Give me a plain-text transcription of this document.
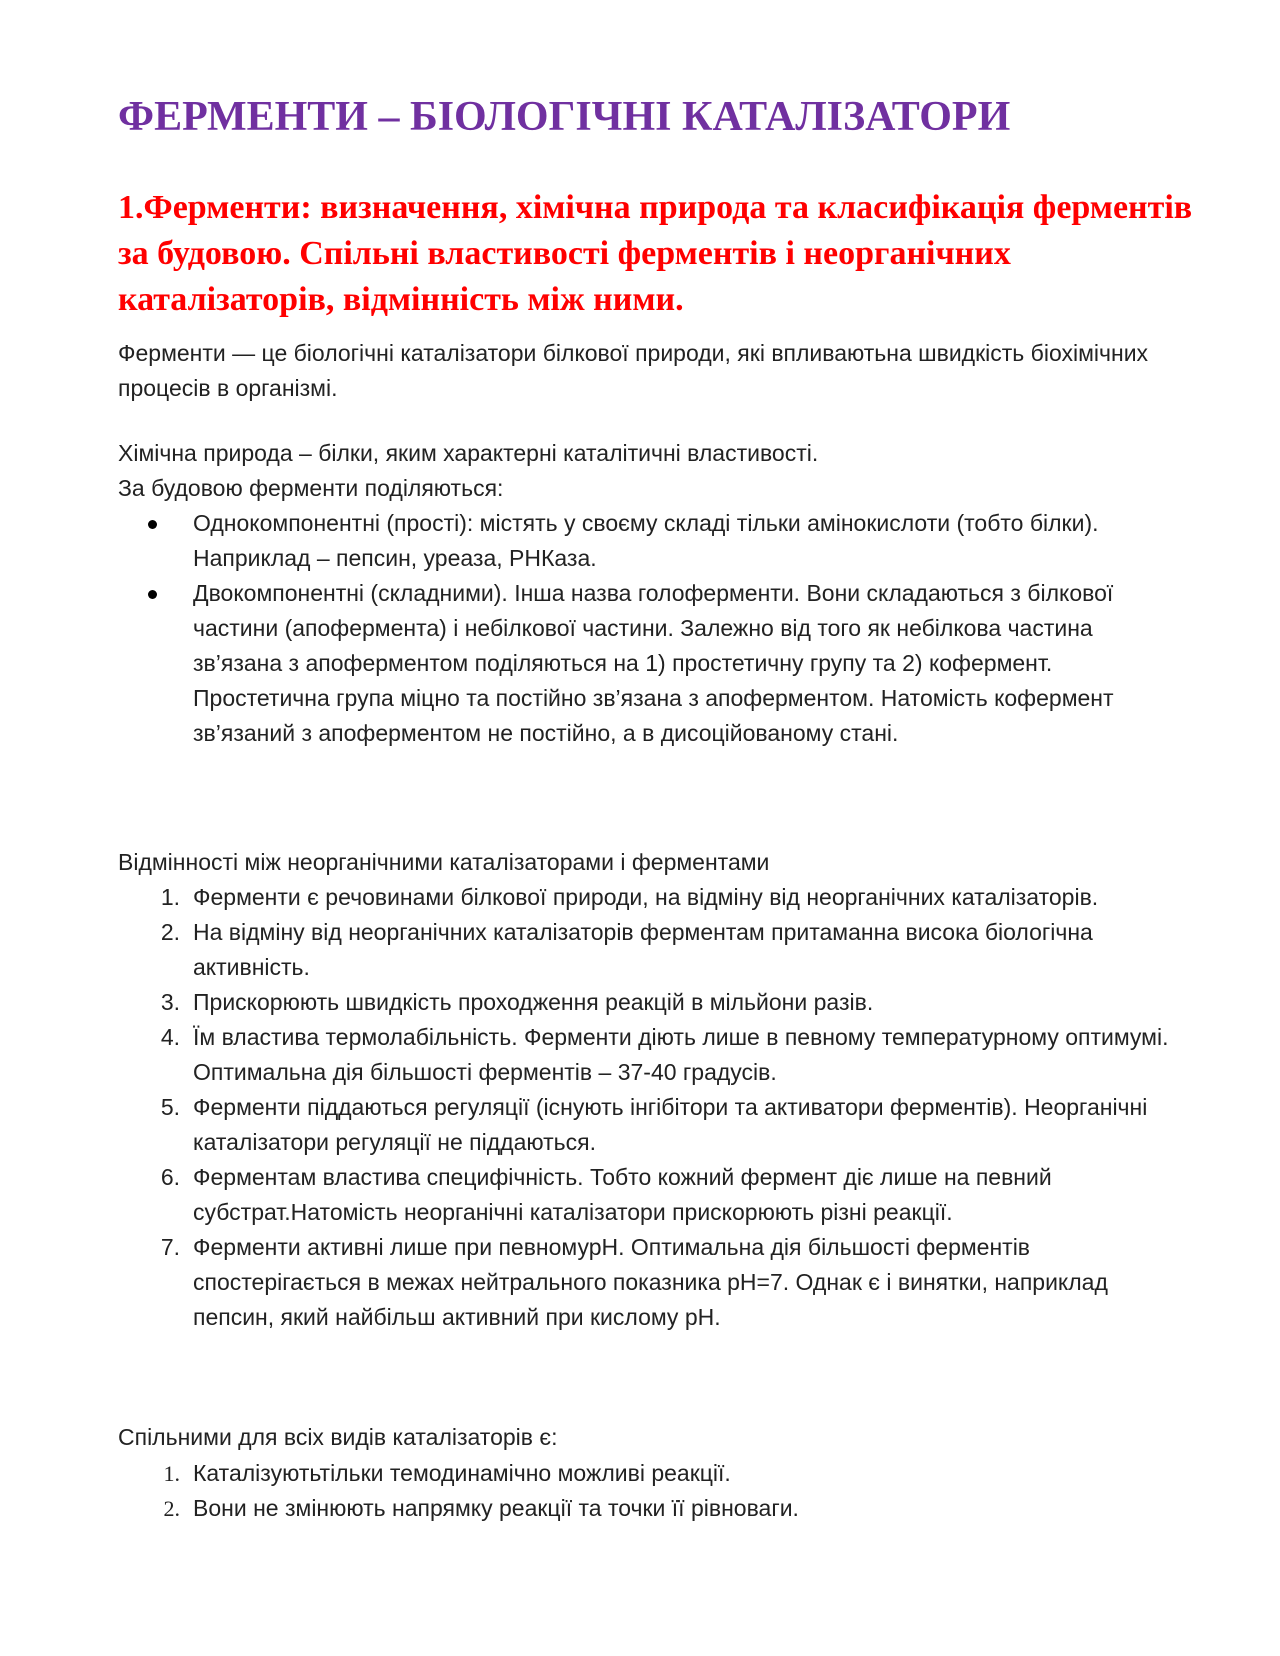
ФЕРМЕНТИ – БІОЛОГІЧНІ КАТАЛІЗАТОРИ
1.Ферменти: визначення, хімічна природа та класифікація ферментів за будовою. Спільні властивості ферментів і неорганічних каталізаторів, відмінність між ними.

Ферменти — це біологічні каталізатори білкової природи, які впливаютьна швидкість біохімічних процесів в організмі.

Хімічна природа – білки, яким характерні каталітичні властивості.

За будовою ферменти поділяються:

Однокомпонентні (прості): містять у своєму складі тільки амінокислоти (тобто білки). Наприклад – пепсин, уреаза, РНКаза.
Двокомпонентні (складними). Інша назва голоферменти. Вони складаються з білкової частини (апофермента) і небілкової частини. Залежно від того як небілкова частина зв’язана з апоферментом поділяються на 1) простетичну групу та 2) кофермент. Простетична група міцно та постійно зв’язана з апоферментом. Натомість кофермент зв’язаний з апоферментом не постійно, а в дисоційованому стані.

Відмінності між неорганічними каталізаторами і ферментами

1. Ферменти є речовинами білкової природи, на відміну від неорганічних каталізаторів.
2. На відміну від неорганічних каталізаторів ферментам притаманна висока біологічна активність.
3. Прискорюють швидкість проходження реакцій в мільйони разів.
4. Їм властива термолабільність. Ферменти діють лише в певному температурному оптимумі. Оптимальна дія більшості ферментів – 37-40 градусів.
5. Ферменти піддаються регуляції (існують інгібітори та активатори ферментів). Неорганічні каталізатори регуляції не піддаються.
6. Ферментам властива специфічність. Тобто кожний фермент діє лише на певний субстрат.Натомість неорганічні каталізатори прискорюють різні реакції.
7. Ферменти активні лише при певномурН. Оптимальна дія більшості ферментів спостерігається в межах нейтрального показника рН=7. Однак є і винятки, наприклад пепсин, який найбільш активний при кислому рН.

Спільними для всіх видів каталізаторів є:

1. Каталізуютьтільки темодинамічно можливі реакції.
2. Вони не змінюють напрямку реакції та точки її рівноваги.
